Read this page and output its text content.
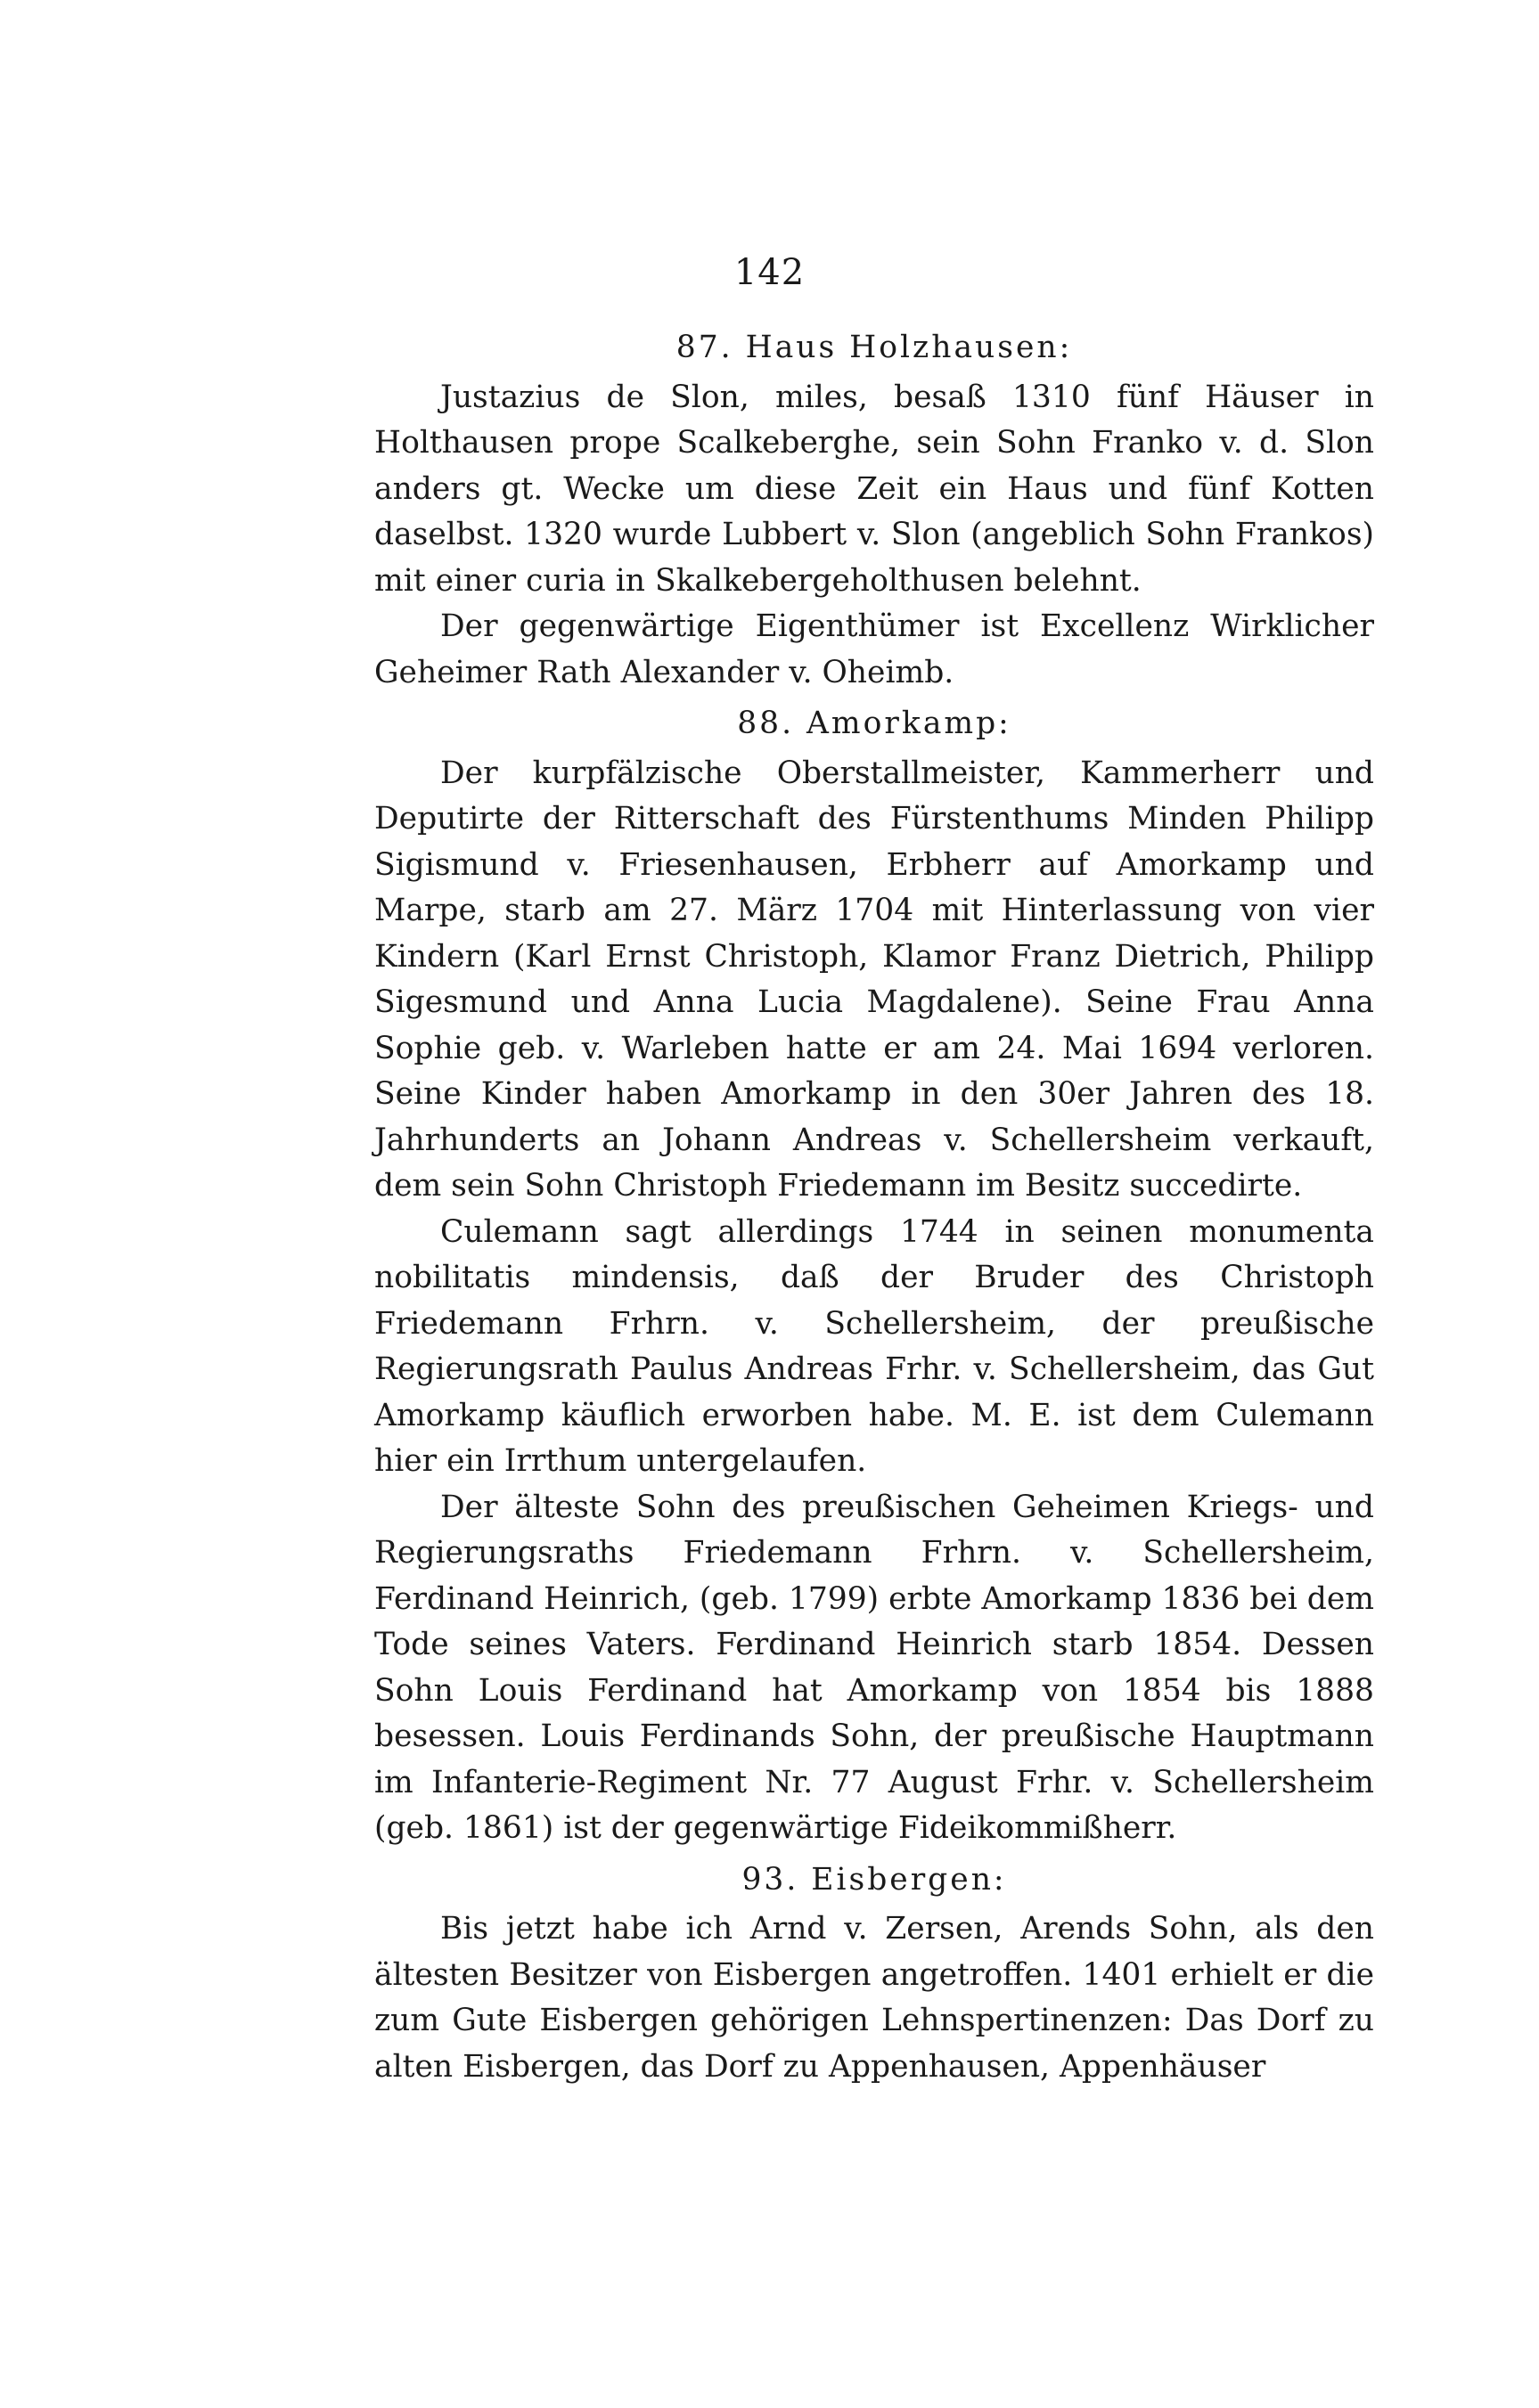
142
87. Haus Holzhausen:

Justazius de Slon, miles, besaß 1310 fünf Häuser in Holthausen prope Scalkeberghe, sein Sohn Franko v. d. Slon anders gt. Wecke um diese Zeit ein Haus und fünf Kotten daselbst. 1320 wurde Lubbert v. Slon (angeblich Sohn Frankos) mit einer curia in Skalkebergeholthusen belehnt.

Der gegenwärtige Eigenthümer ist Excellenz Wirklicher Geheimer Rath Alexander v. Oheimb.

88. Amorkamp:

Der kurpfälzische Oberstallmeister, Kammerherr und Deputirte der Ritterschaft des Fürstenthums Minden Philipp Sigismund v. Friesenhausen, Erbherr auf Amorkamp und Marpe, starb am 27. März 1704 mit Hinterlassung von vier Kindern (Karl Ernst Christoph, Klamor Franz Dietrich, Philipp Sigesmund und Anna Lucia Magdalene). Seine Frau Anna Sophie geb. v. Warleben hatte er am 24. Mai 1694 verloren. Seine Kinder haben Amorkamp in den 30er Jahren des 18. Jahrhunderts an Johann Andreas v. Schellersheim verkauft, dem sein Sohn Christoph Friedemann im Besitz succedirte.

Culemann sagt allerdings 1744 in seinen monumenta nobilitatis mindensis, daß der Bruder des Christoph Friedemann Frhrn. v. Schellersheim, der preußische Regierungsrath Paulus Andreas Frhr. v. Schellersheim, das Gut Amorkamp käuflich erworben habe. M. E. ist dem Culemann hier ein Irrthum untergelaufen.

Der älteste Sohn des preußischen Geheimen Kriegs- und Regierungsraths Friedemann Frhrn. v. Schellersheim, Ferdinand Heinrich, (geb. 1799) erbte Amorkamp 1836 bei dem Tode seines Vaters. Ferdinand Heinrich starb 1854. Dessen Sohn Louis Ferdinand hat Amorkamp von 1854 bis 1888 besessen. Louis Ferdinands Sohn, der preußische Hauptmann im Infanterie-Regiment Nr. 77 August Frhr. v. Schellersheim (geb. 1861) ist der gegenwärtige Fideikommißherr.

93. Eisbergen:

Bis jetzt habe ich Arnd v. Zersen, Arends Sohn, als den ältesten Besitzer von Eisbergen angetroffen. 1401 erhielt er die zum Gute Eisbergen gehörigen Lehnspertinenzen: Das Dorf zu alten Eisbergen, das Dorf zu Appenhausen, Appenhäuser
